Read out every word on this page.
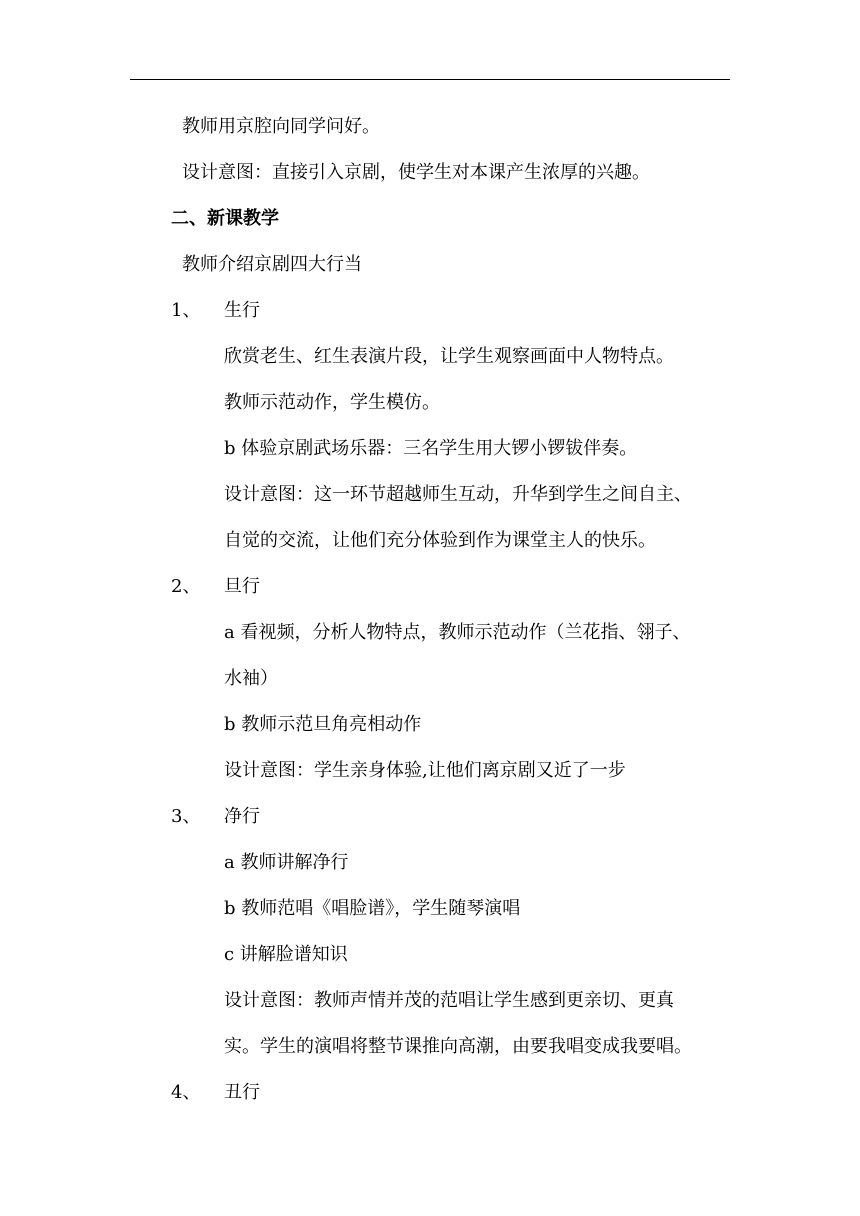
教师用京腔向同学问好。
设计意图：直接引入京剧，使学生对本课产生浓厚的兴趣。
二、新课教学
教师介绍京剧四大行当
1、 生行
欣赏老生、红生表演片段，让学生观察画面中人物特点。
教师示范动作，学生模仿。
b 体验京剧武场乐器：三名学生用大锣小锣钹伴奏。
设计意图：这一环节超越师生互动，升华到学生之间自主、
自觉的交流，让他们充分体验到作为课堂主人的快乐。
2、 旦行
a 看视频，分析人物特点，教师示范动作（兰花指、翎子、
水袖）
b 教师示范旦角亮相动作
设计意图：学生亲身体验,让他们离京剧又近了一步
3、 净行
a 教师讲解净行
b 教师范唱《唱脸谱》，学生随琴演唱
c 讲解脸谱知识
设计意图：教师声情并茂的范唱让学生感到更亲切、更真
实。学生的演唱将整节课推向高潮，由要我唱变成我要唱。
4、 丑行
